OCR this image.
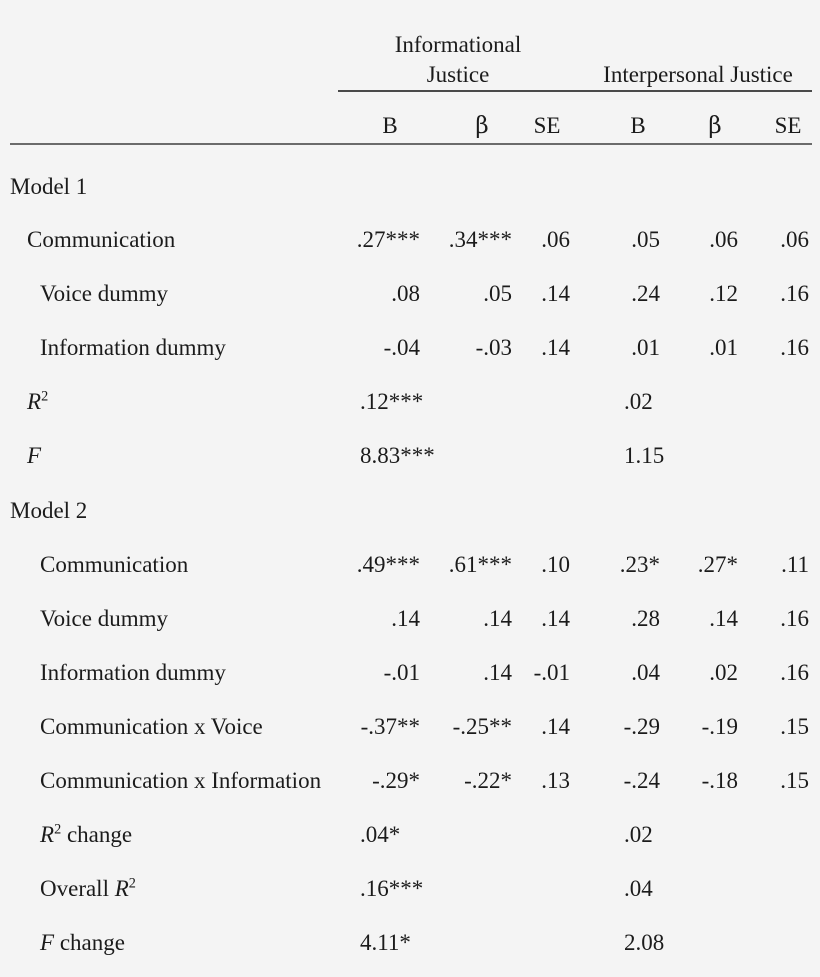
Informational
Justice	Interpersonal Justice
B	β	SE	B	β	SE
Model 1
Communication	.27*** .34*** .06	.05 .06 .06
Voice dummy	.08	.05 .14	.24 .12 .16
Information dummy	-.04 -.03 .14	.01 .01 .16
$R^2$	.12***	.02
F	8.83***	1.15
Model 2
Communication	.49*** .61*** .10 .23* .27* .11
Voice dummy	.14	.14 .14	.28 .14 .16
Information dummy	-.01	.14 -.01	.04 .02 .16
Communication x Voice	-.37** -.25** .14 -.29 -.19 .15
Communication x Information -.29* -.22* .13 -.24 -.18 .15
$R^2$ change	.04*	.02
Overall $R^2$	.16***	.04
F change	4.11*	2.08
